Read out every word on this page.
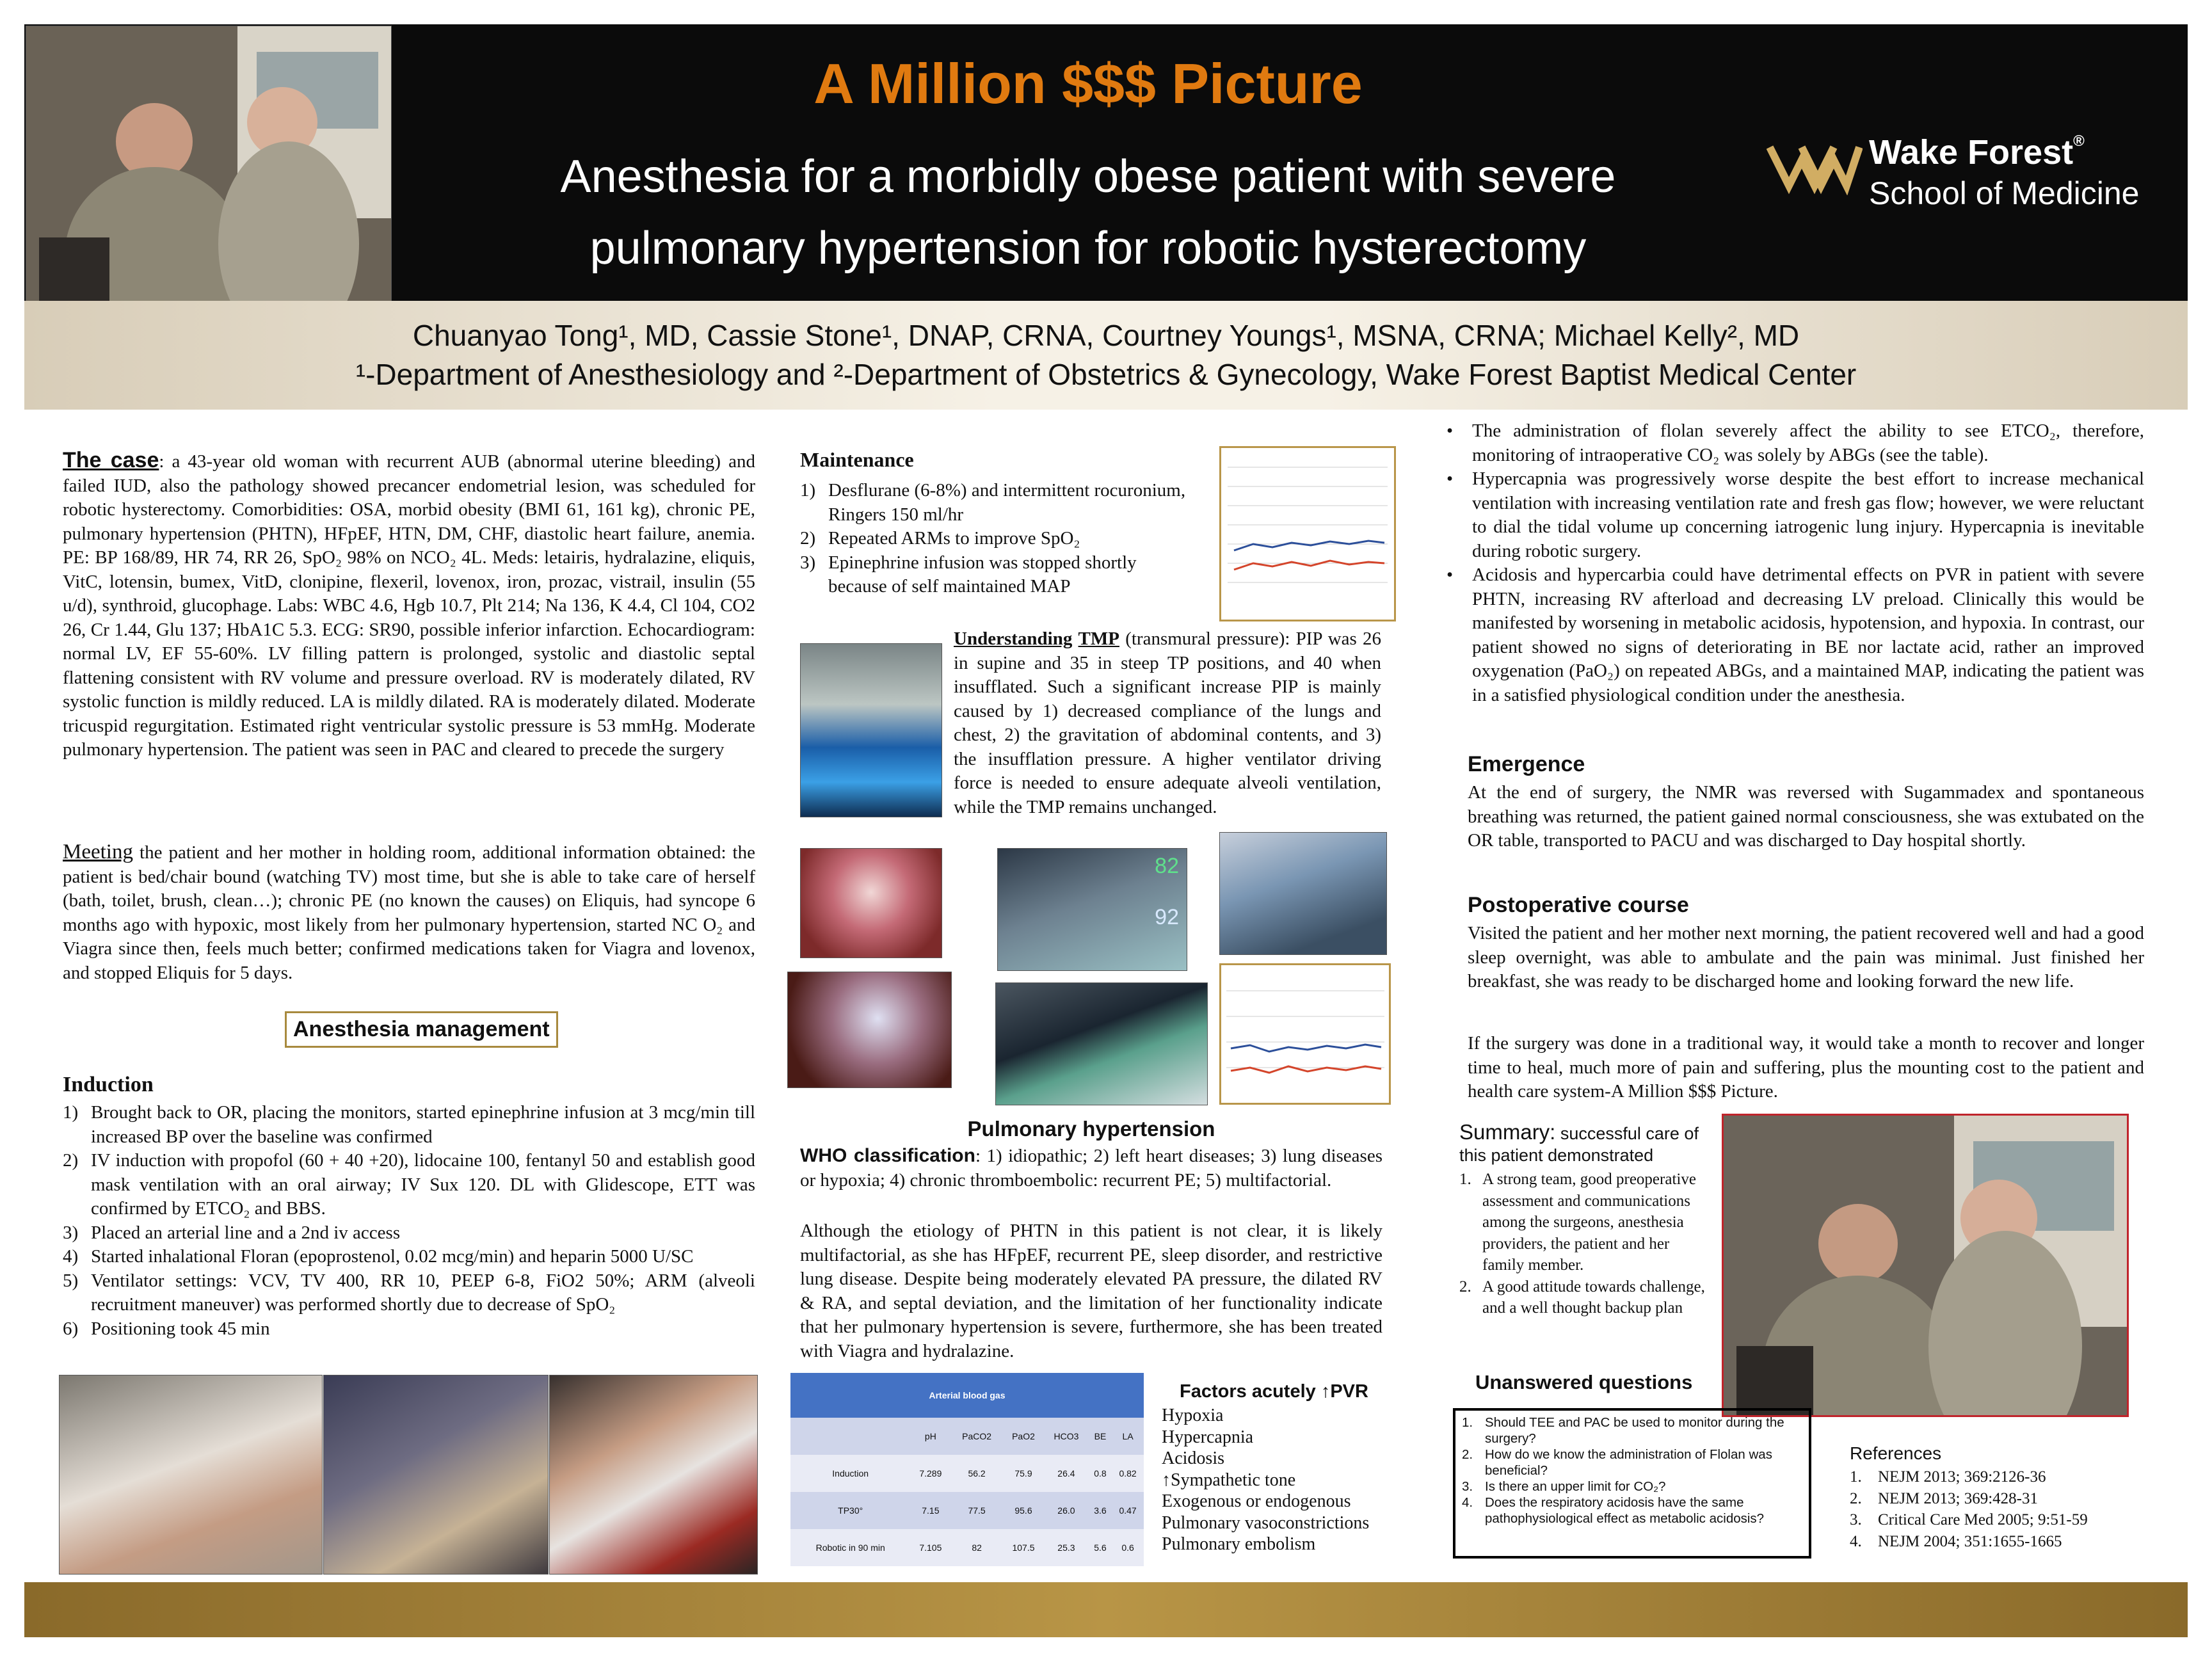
A Million $$$ Picture
Anesthesia for a morbidly obese patient with severe
pulmonary hypertension for robotic hysterectomy
Wake Forest®
School of Medicine
Chuanyao Tong¹, MD, Cassie Stone¹, DNAP, CRNA, Courtney Youngs¹, MSNA, CRNA; Michael Kelly², MD
¹-Department of Anesthesiology and ²-Department of Obstetrics & Gynecology, Wake Forest Baptist Medical Center
The case: a 43-year old woman with recurrent AUB (abnormal uterine bleeding) and failed IUD, also the pathology showed precancer endometrial lesion, was scheduled for robotic hysterectomy. Comorbidities: OSA, morbid obesity (BMI 61, 161 kg), chronic PE, pulmonary hypertension (PHTN), HFpEF, HTN, DM, CHF, diastolic heart failure, anemia. PE: BP 168/89, HR 74, RR 26, SpO₂ 98% on NCO₂ 4L. Meds: letairis, hydralazine, eliquis, VitC, lotensin, bumex, VitD, clonipine, flexeril, lovenox, iron, prozac, vistrail, insulin (55 u/d), synthroid, glucophage. Labs: WBC 4.6, Hgb 10.7, Plt 214; Na 136, K 4.4, Cl 104, CO2 26, Cr 1.44, Glu 137; HbA1C 5.3. ECG: SR90, possible inferior infarction. Echocardiogram: normal LV, EF 55-60%. LV filling pattern is prolonged, systolic and diastolic septal flattening consistent with RV volume and pressure overload. RV is moderately dilated, RV systolic function is mildly reduced. LA is mildly dilated. RA is moderately dilated. Moderate tricuspid regurgitation. Estimated right ventricular systolic pressure is 53 mmHg. Moderate pulmonary hypertension. The patient was seen in PAC and cleared to precede the surgery
Meeting the patient and her mother in holding room, additional information obtained: the patient is bed/chair bound (watching TV) most time, but she is able to take care of herself (bath, toilet, brush, clean…); chronic PE (no known the causes) on Eliquis, had syncope 6 months ago with hypoxic, most likely from her pulmonary hypertension, started NC O₂ and Viagra since then, feels much better; confirmed medications taken for Viagra and lovenox, and stopped Eliquis for 5 days.
Anesthesia management
Induction
1) Brought back to OR, placing the monitors, started epinephrine infusion at 3 mcg/min till increased BP over the baseline was confirmed
2) IV induction with propofol (60 + 40 +20), lidocaine 100, fentanyl 50 and establish good mask ventilation with an oral airway; IV Sux 120. DL with Glidescope, ETT was confirmed by ETCO₂ and BBS.
3) Placed an arterial line and a 2nd iv access
4) Started inhalational Floran (epoprostenol, 0.02 mcg/min) and heparin 5000 U/SC
5) Ventilator settings: VCV, TV 400, RR 10, PEEP 6-8, FiO2 50%; ARM (alveoli recruitment maneuver) was performed shortly due to decrease of SpO₂
6) Positioning took 45 min
Maintenance
1) Desflurane (6-8%) and intermittent rocuronium, Ringers 150 ml/hr
2) Repeated ARMs to improve SpO₂
3) Epinephrine infusion was stopped shortly because of self maintained MAP
Understanding TMP (transmural pressure): PIP was 26 in supine and 35 in steep TP positions, and 40 when insufflated. Such a significant increase PIP is mainly caused by 1) decreased compliance of the lungs and chest, 2) the gravitation of abdominal contents, and 3) the insufflation pressure. A higher ventilator driving force is needed to ensure adequate alveoli ventilation, while the TMP remains unchanged.
82
92
Pulmonary hypertension
WHO classification: 1) idiopathic; 2) left heart diseases; 3) lung diseases or hypoxia; 4) chronic thromboembolic: recurrent PE; 5) multifactorial.
Although the etiology of PHTN in this patient is not clear, it is likely multifactorial, as she has HFpEF, recurrent PE, sleep disorder, and restrictive lung disease. Despite being moderately elevated PA pressure, the dilated RV & RA, and septal deviation, and the limitation of her functionality indicate that her pulmonary hypertension is severe, furthermore, she has been treated with Viagra and hydralazine.
Arterial blood gas						
	pH	PaCO2	PaO2	HCO3	BE	LA
Induction	7.289	56.2	75.9	26.4	0.8	0.82
TP30°	7.15	77.5	95.6	26.0	3.6	0.47
Robotic in 90 min	7.105	82	107.5	25.3	5.6	0.6
Factors acutely ↑PVR
Hypoxia
Hypercapnia
Acidosis
↑Sympathetic tone
Exogenous or endogenous
Pulmonary vasoconstrictions
Pulmonary embolism
• The administration of flolan severely affect the ability to see ETCO₂, therefore, monitoring of intraoperative CO₂ was solely by ABGs (see the table).
• Hypercapnia was progressively worse despite the best effort to increase mechanical ventilation with increasing ventilation rate and fresh gas flow; however, we were reluctant to dial the tidal volume up concerning iatrogenic lung injury. Hypercapnia is inevitable during robotic surgery.
• Acidosis and hypercarbia could have detrimental effects on PVR in patient with severe PHTN, increasing RV afterload and decreasing LV preload. Clinically this would be manifested by worsening in metabolic acidosis, hypotension, and hypoxia. In contrast, our patient showed no signs of deteriorating in BE nor lactate acid, rather an improved oxygenation (PaO₂) on repeated ABGs, and a maintained MAP, indicating the patient was in a satisfied physiological condition under the anesthesia.
Emergence
At the end of surgery, the NMR was reversed with Sugammadex and spontaneous breathing was returned, the patient gained normal consciousness, she was extubated on the OR table, transported to PACU and was discharged to Day hospital shortly.
Postoperative course
Visited the patient and her mother next morning, the patient recovered well and had a good sleep overnight, was able to ambulate and the pain was minimal. Just finished her breakfast, she was ready to be discharged home and looking forward the new life.
If the surgery was done in a traditional way, it would take a month to recover and longer time to heal, much more of pain and suffering, plus the mounting cost to the patient and health care system-A Million $$$ Picture.
Summary: successful care of this patient demonstrated
1. A strong team, good preoperative assessment and communications among the surgeons, anesthesia providers, the patient and her family member.
2. A good attitude towards challenge, and a well thought backup plan
Unanswered questions
1. Should TEE and PAC be used to monitor during the surgery?
2. How do we know the administration of Flolan was beneficial?
3. Is there an upper limit for CO₂?
4. Does the respiratory acidosis have the same pathophysiological effect as metabolic acidosis?
References
1. NEJM 2013; 369:2126-36
2. NEJM 2013; 369:428-31
3. Critical Care Med 2005; 9:51-59
4. NEJM 2004; 351:1655-1665
